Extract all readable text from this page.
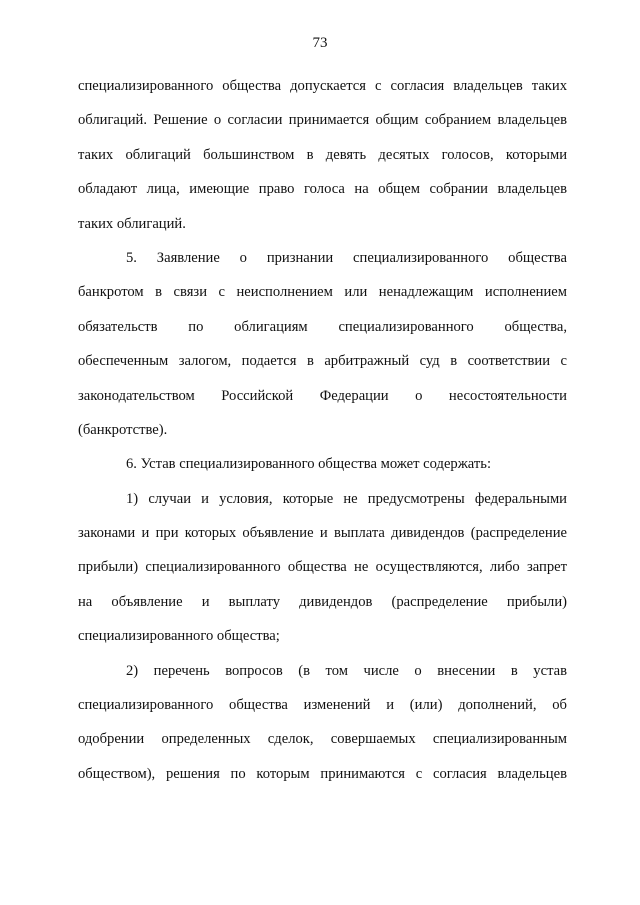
73
специализированного общества допускается с согласия владельцев таких
облигаций. Решение о согласии принимается общим собранием владельцев
таких облигаций большинством в девять десятых голосов, которыми
обладают лица, имеющие право голоса на общем собрании владельцев
таких облигаций.
5. Заявление о признании специализированного общества
банкротом в связи с неисполнением или ненадлежащим исполнением
обязательств по облигациям специализированного общества,
обеспеченным залогом, подается в арбитражный суд в соответствии с
законодательством Российской Федерации о несостоятельности
(банкротстве).
6. Устав специализированного общества может содержать:
1) случаи и условия, которые не предусмотрены федеральными
законами и при которых объявление и выплата дивидендов (распределение
прибыли) специализированного общества не осуществляются, либо запрет
на объявление и выплату дивидендов (распределение прибыли)
специализированного общества;
2) перечень вопросов (в том числе о внесении в устав
специализированного общества изменений и (или) дополнений, об
одобрении определенных сделок, совершаемых специализированным
обществом), решения по которым принимаются с согласия владельцев
